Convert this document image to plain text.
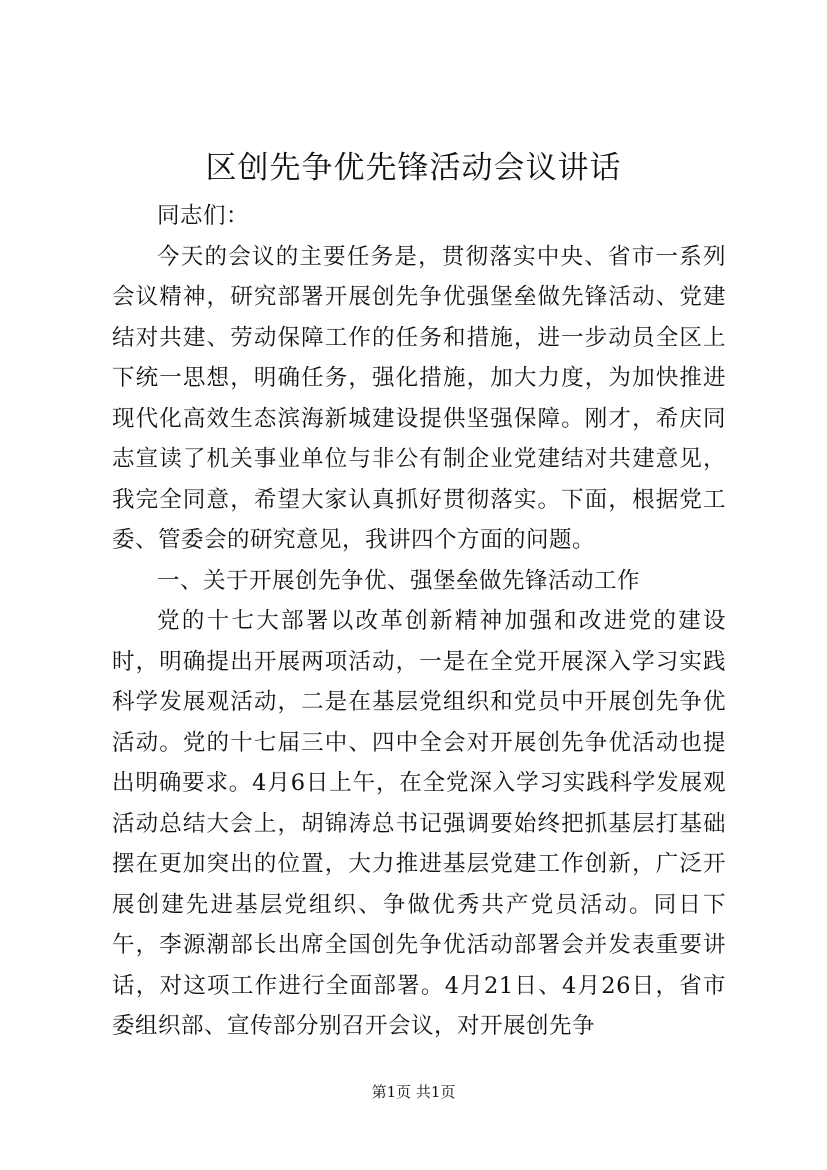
区创先争优先锋活动会议讲话

同志们：

今天的会议的主要任务是，贯彻落实中央、省市一系列会议精神，研究部署开展创先争优强堡垒做先锋活动、党建结对共建、劳动保障工作的任务和措施，进一步动员全区上下统一思想，明确任务，强化措施，加大力度，为加快推进现代化高效生态滨海新城建设提供坚强保障。刚才，希庆同志宣读了机关事业单位与非公有制企业党建结对共建意见，我完全同意，希望大家认真抓好贯彻落实。下面，根据党工委、管委会的研究意见，我讲四个方面的问题。

一、关于开展创先争优、强堡垒做先锋活动工作

党的十七大部署以改革创新精神加强和改进党的建设时，明确提出开展两项活动，一是在全党开展深入学习实践科学发展观活动，二是在基层党组织和党员中开展创先争优活动。党的十七届三中、四中全会对开展创先争优活动也提出明确要求。4月6日上午，在全党深入学习实践科学发展观活动总结大会上，胡锦涛总书记强调要始终把抓基层打基础摆在更加突出的位置，大力推进基层党建工作创新，广泛开展创建先进基层党组织、争做优秀共产党员活动。同日下午，李源潮部长出席全国创先争优活动部署会并发表重要讲话，对这项工作进行全面部署。4月21日、4月26日，省市委组织部、宣传部分别召开会议，对开展创先争

第1页 共1页
